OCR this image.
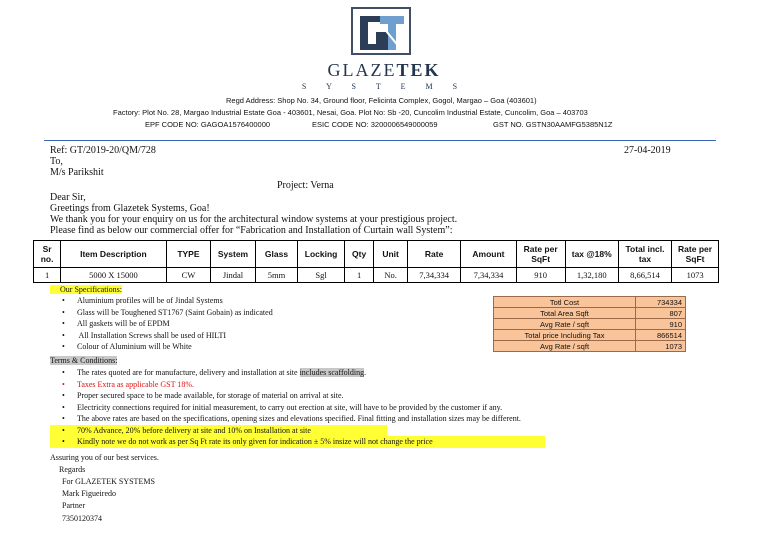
GLAZETEK
S Y S T E M S
Regd Address: Shop No. 34, Ground floor, Felicinta Complex, Gogol, Margao – Goa (403601)
Factory: Plot No. 28, Margao Industrial Estate Goa - 403601, Nesai, Goa. Plot No: Sb -20, Cuncolim Industrial Estate, Cuncolim, Goa – 403703
EPF CODE NO: GAGOA1576400000	ESIC CODE NO: 3200006549000059	GST NO. GSTN30AAMFG5385N1Z
Ref: GT/2019-20/QM/728	27-04-2019
To,
M/s Parikshit
Project: Verna
Dear Sir,
Greetings from Glazetek Systems, Goa!
We thank you for your enquiry on us for the architectural window systems at your prestigious project.
Please find as below our commercial offer for “Fabrication and Installation of Curtain wall System”:
Sr no.	Item Description	TYPE	System	Glass	Locking	Qty	Unit	Rate	Amount	Rate per SqFt	tax @18%	Total incl. tax	Rate per SqFt
1	5000 X 15000	CW	Jindal	5mm	Sgl	1	No.	7,34,334	7,34,334	910	1,32,180	8,66,514	1073
Our Specifications:
• Aluminium profiles will be of Jindal Systems
• Glass will be Toughened ST1767 (Saint Gobain) as indicated
• All gaskets will be of EPDM
• All Installation Screws shall be used of HILTI
• Colour of Aluminium will be White
Totl Cost	734334
Total Area Sqft	807
Avg Rate / sqft	910
Total price Including Tax	866514
Avg Rate / sqft	1073
Terms & Conditions:
• The rates quoted are for manufacture, delivery and installation at site includes scaffolding.
• Taxes Extra as applicable GST 18%.
• Proper secured space to be made available, for storage of material on arrival at site.
• Electricity connections required for initial measurement, to carry out erection at site, will have to be provided by the customer if any.
• The above rates are based on the specifications, opening sizes and elevations specified. Final fitting and installation sizes may be different.
• 70% Advance, 20% before delivery at site and 10% on Installation at site
• Kindly note we do not work as per Sq Ft rate its only given for indication ± 5% insize will not change the price
Assuring you of our best services.
Regards
For GLAZETEK SYSTEMS
Mark Figueiredo
Partner
7350120374
